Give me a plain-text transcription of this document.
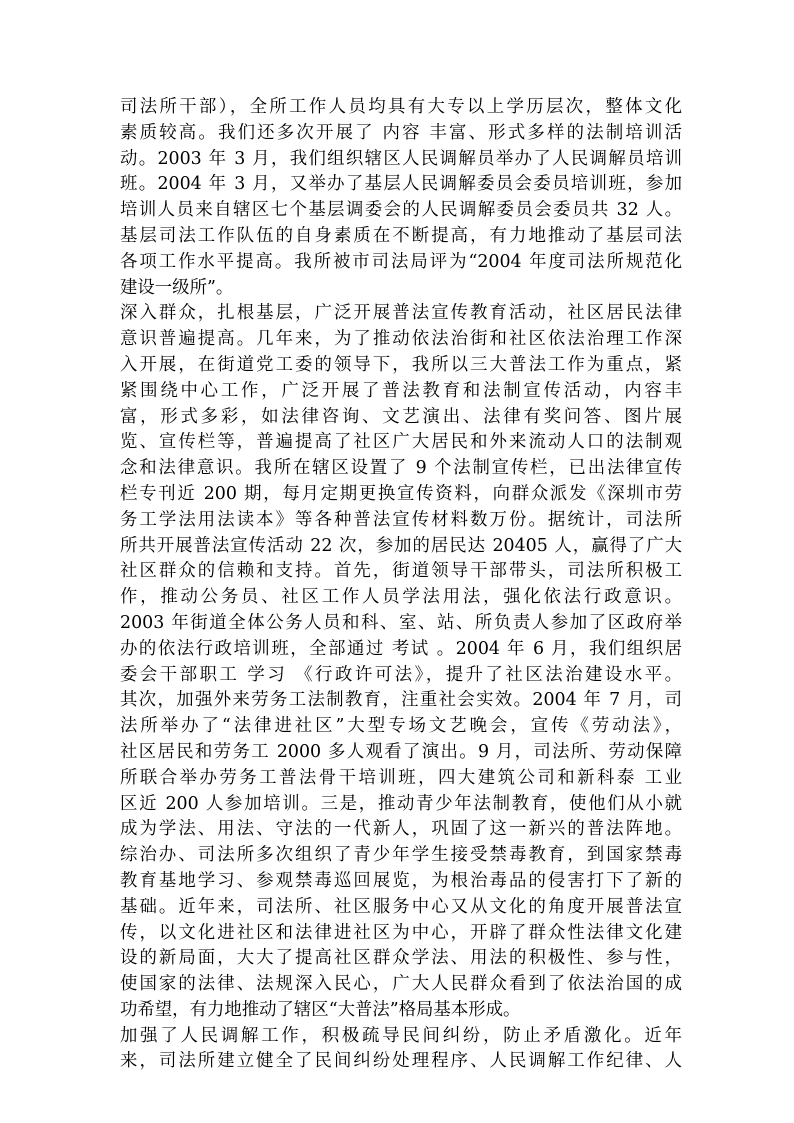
司法所干部），全所工作人员均具有大专以上学历层次，整体文化
素质较高。我们还多次开展了 内容 丰富、形式多样的法制培训活
动。2003 年 3 月，我们组织辖区人民调解员举办了人民调解员培训
班。2004 年 3 月，又举办了基层人民调解委员会委员培训班，参加
培训人员来自辖区七个基层调委会的人民调解委员会委员共 32 人。
基层司法工作队伍的自身素质在不断提高，有力地推动了基层司法
各项工作水平提高。我所被市司法局评为“2004 年度司法所规范化
建设一级所”。
深入群众，扎根基层，广泛开展普法宣传教育活动，社区居民法律
意识普遍提高。几年来，为了推动依法治街和社区依法治理工作深
入开展，在街道党工委的领导下，我所以三大普法工作为重点，紧
紧围绕中心工作，广泛开展了普法教育和法制宣传活动，内容丰
富，形式多彩，如法律咨询、文艺演出、法律有奖问答、图片展
览、宣传栏等，普遍提高了社区广大居民和外来流动人口的法制观
念和法律意识。我所在辖区设置了 9 个法制宣传栏，已出法律宣传
栏专刊近 200 期，每月定期更换宣传资料，向群众派发《深圳市劳
务工学法用法读本》等各种普法宣传材料数万份。据统计，司法所
所共开展普法宣传活动 22 次，参加的居民达 20405 人，赢得了广大
社区群众的信赖和支持。首先，街道领导干部带头，司法所积极工
作，推动公务员、社区工作人员学法用法，强化依法行政意识。
2003 年街道全体公务人员和科、室、站、所负责人参加了区政府举
办的依法行政培训班，全部通过 考试 。2004 年 6 月，我们组织居
委会干部职工 学习 《行政许可法》，提升了社区法治建设水平。
其次，加强外来劳务工法制教育，注重社会实效。2004 年 7 月，司
法所举办了“法律进社区”大型专场文艺晚会，宣传《劳动法》，
社区居民和劳务工 2000 多人观看了演出。9 月，司法所、劳动保障
所联合举办劳务工普法骨干培训班，四大建筑公司和新科泰 工业
区近 200 人参加培训。三是，推动青少年法制教育，使他们从小就
成为学法、用法、守法的一代新人，巩固了这一新兴的普法阵地。
综治办、司法所多次组织了青少年学生接受禁毒教育，到国家禁毒
教育基地学习、参观禁毒巡回展览，为根治毒品的侵害打下了新的
基础。近年来，司法所、社区服务中心又从文化的角度开展普法宣
传，以文化进社区和法律进社区为中心，开辟了群众性法律文化建
设的新局面，大大了提高社区群众学法、用法的积极性、参与性，
使国家的法律、法规深入民心，广大人民群众看到了依法治国的成
功希望，有力地推动了辖区“大普法”格局基本形成。
加强了人民调解工作，积极疏导民间纠纷，防止矛盾激化。近年
来，司法所建立健全了民间纠纷处理程序、人民调解工作纪律、人
